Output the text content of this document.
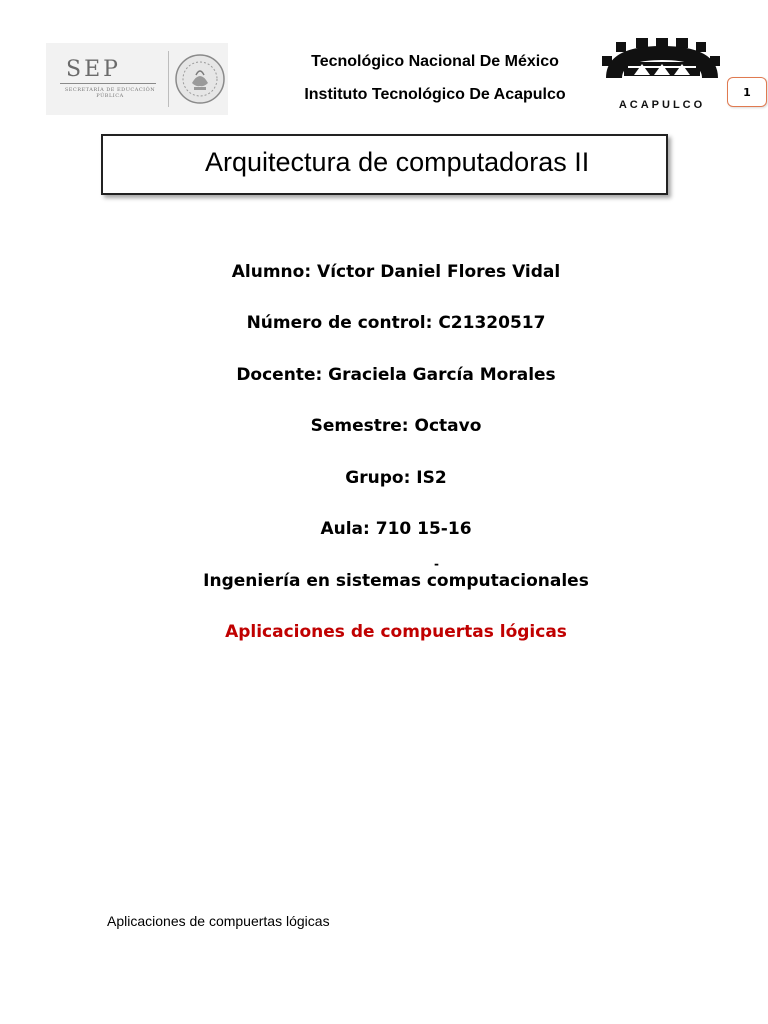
SEP
SECRETARÍA DE EDUCACIÓN PÚBLICA
Tecnológico Nacional De México
Instituto Tecnológico De Acapulco
ACAPULCO
1
Arquitectura de computadoras II
Alumno: Víctor Daniel Flores Vidal
Número de control: C21320517
Docente: Graciela García Morales
Semestre: Octavo
Grupo: IS2
Aula: 710 15-16
-
Ingeniería en sistemas computacionales
Aplicaciones de compuertas lógicas
Aplicaciones de compuertas lógicas
